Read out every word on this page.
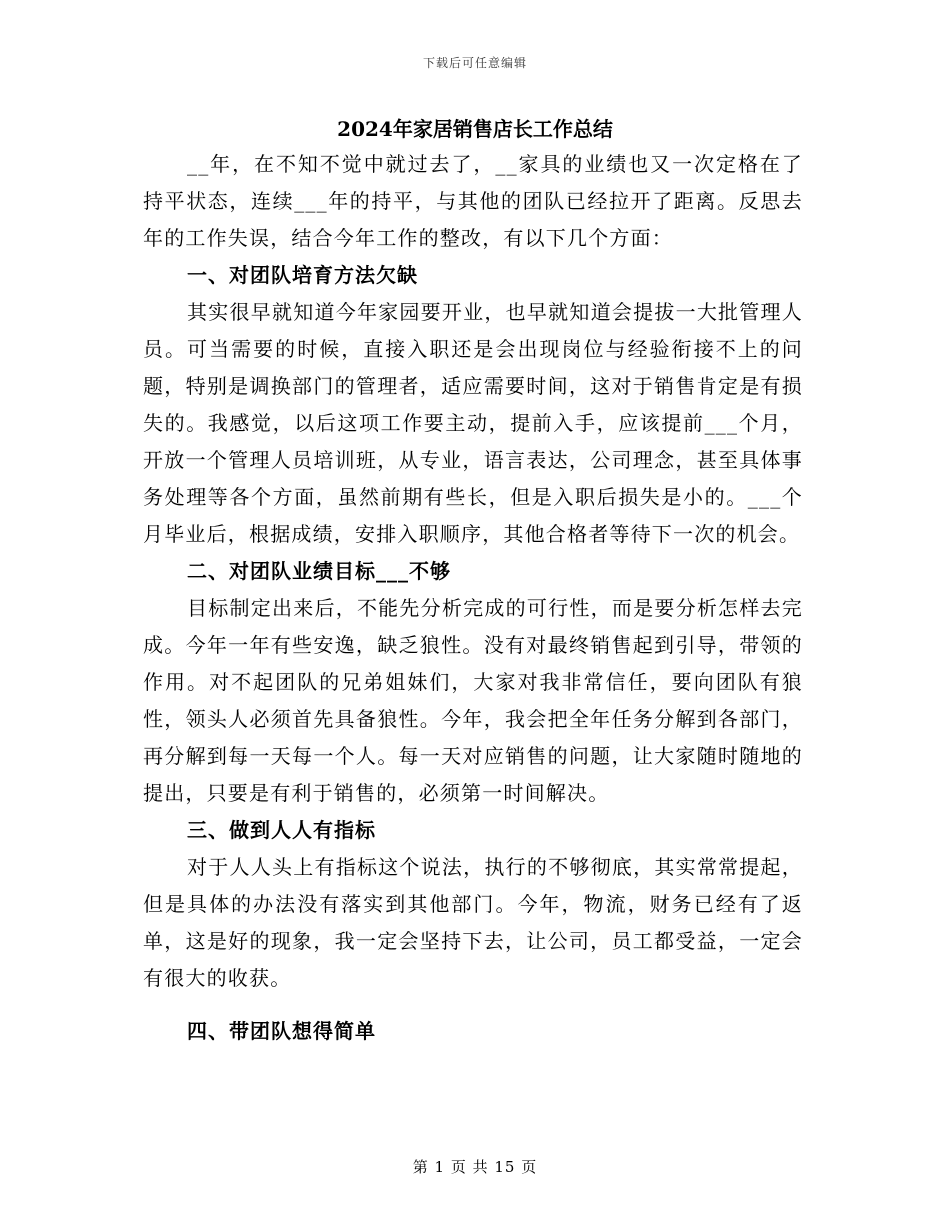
下载后可任意编辑
2024年家居销售店长工作总结

__年，在不知不觉中就过去了，__家具的业绩也又一次定格在了持平状态，连续___年的持平，与其他的团队已经拉开了距离。反思去年的工作失误，结合今年工作的整改，有以下几个方面：

一、对团队培育方法欠缺

其实很早就知道今年家园要开业，也早就知道会提拔一大批管理人员。可当需要的时候，直接入职还是会出现岗位与经验衔接不上的问题，特别是调换部门的管理者，适应需要时间，这对于销售肯定是有损失的。我感觉，以后这项工作要主动，提前入手，应该提前___个月，开放一个管理人员培训班，从专业，语言表达，公司理念，甚至具体事务处理等各个方面，虽然前期有些长，但是入职后损失是小的。___个月毕业后，根据成绩，安排入职顺序，其他合格者等待下一次的机会。

二、对团队业绩目标___不够

目标制定出来后，不能先分析完成的可行性，而是要分析怎样去完成。今年一年有些安逸，缺乏狼性。没有对最终销售起到引导，带领的作用。对不起团队的兄弟姐妹们，大家对我非常信任，要向团队有狼性，领头人必须首先具备狼性。今年，我会把全年任务分解到各部门，再分解到每一天每一个人。每一天对应销售的问题，让大家随时随地的提出，只要是有利于销售的，必须第一时间解决。

三、做到人人有指标

对于人人头上有指标这个说法，执行的不够彻底，其实常常提起，但是具体的办法没有落实到其他部门。今年，物流，财务已经有了返单，这是好的现象，我一定会坚持下去，让公司，员工都受益，一定会有很大的收获。

四、带团队想得简单

第 1 页 共 15 页
